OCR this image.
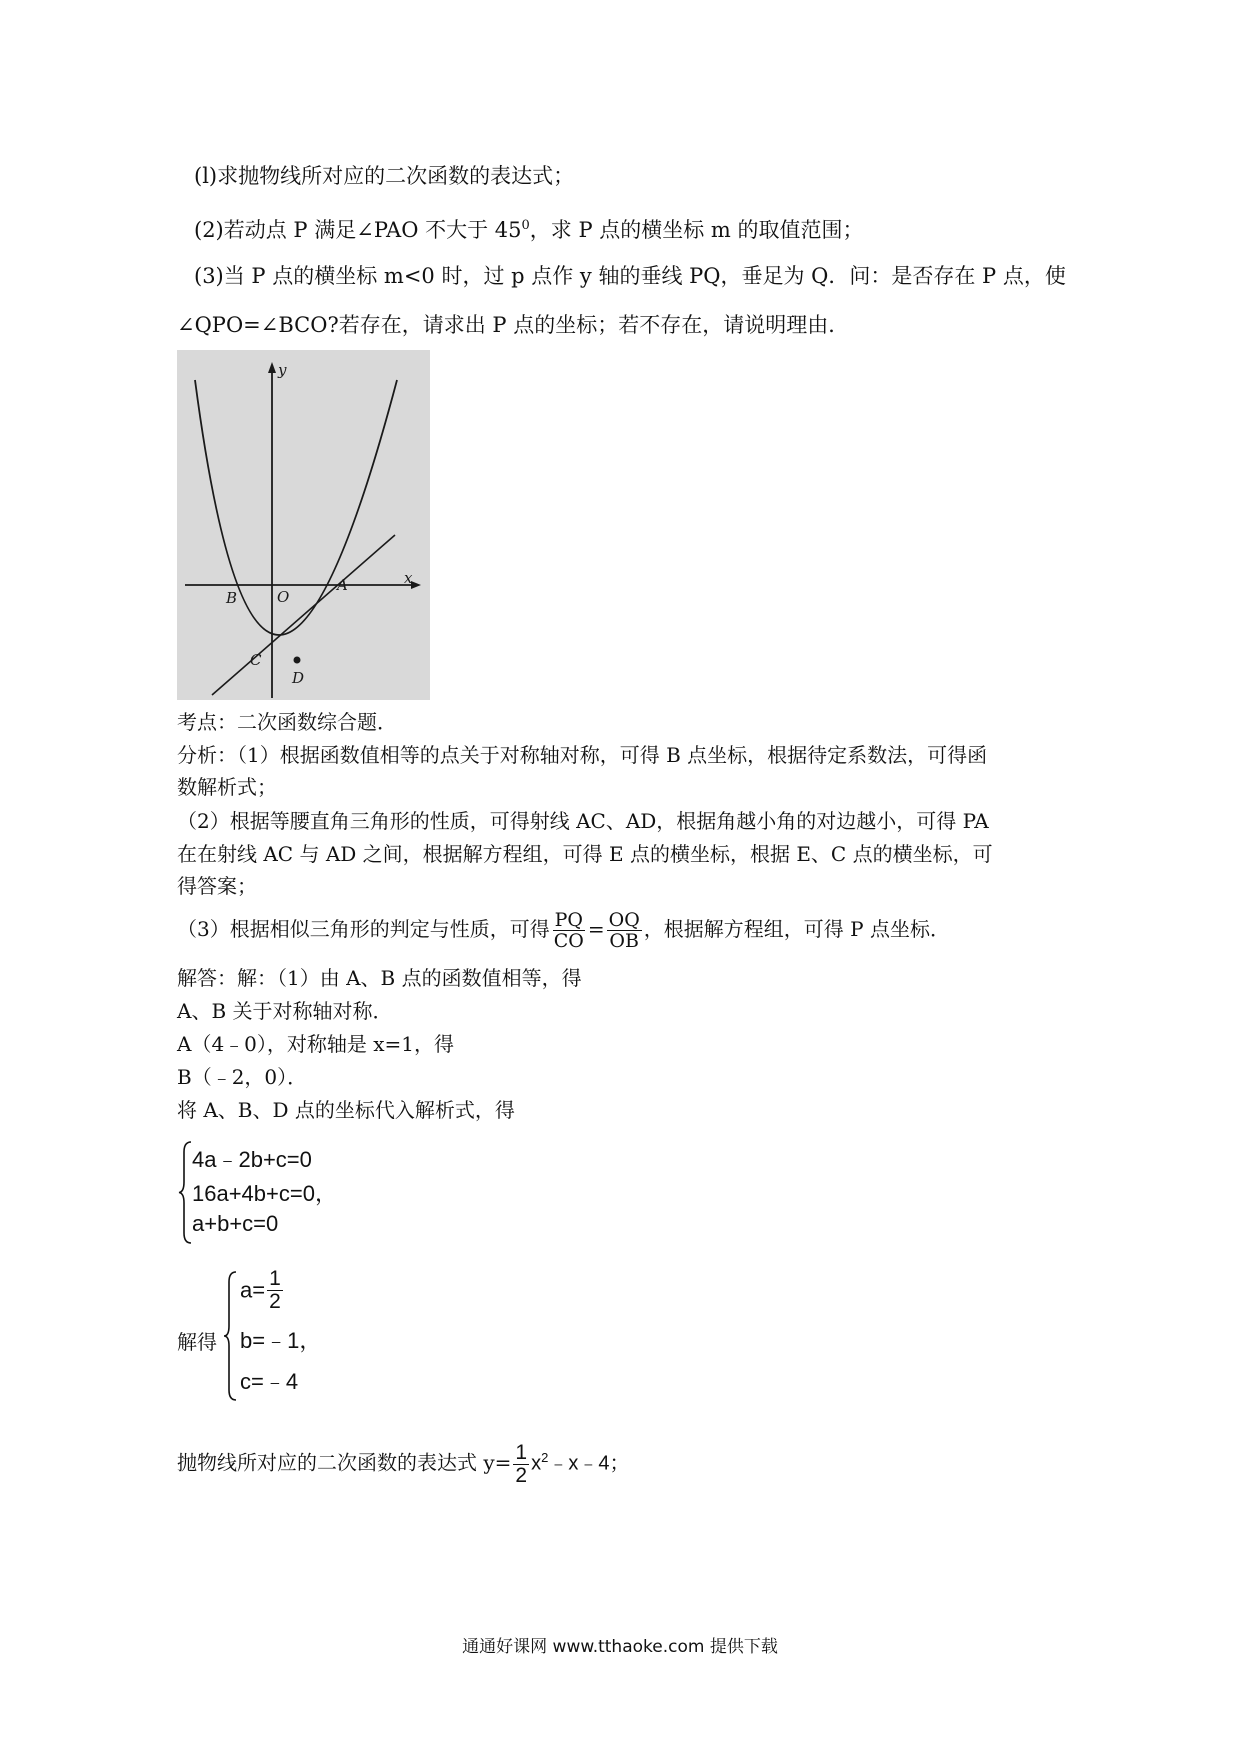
(l)求抛物线所对应的二次函数的表达式；
(2)若动点 P 满足∠PAO 不大于 $45^0$，求 P 点的横坐标 m 的取值范围；
(3)当 P 点的横坐标 m<0 时，过 p 点作 y 轴的垂线 PQ，垂足为 Q．问：是否存在 P 点，使
∠QPO=∠BCO?若存在，请求出 P 点的坐标；若不存在，请说明理由．
y
x
O
A
B
C
D
考点：二次函数综合题．
分析：（1）根据函数值相等的点关于对称轴对称，可得 B 点坐标，根据待定系数法，可得函
数解析式；
（2）根据等腰直角三角形的性质，可得射线 AC、AD，根据角越小角的对边越小，可得 PA
在在射线 AC 与 AD 之间，根据解方程组，可得 E 点的横坐标，根据 E、C 点的横坐标，可
得答案；
（3）根据相似三角形的判定与性质，可得 $\frac{PQ}{CO} = \frac{OQ}{OB}$ ，根据解方程组，可得 P 点坐标．
解答：解：（1）由 A、B 点的函数值相等，得
A、B 关于对称轴对称．
A（4﹣0），对称轴是 x=1，得
B（﹣2，0）．
将 A、B、D 点的坐标代入解析式，得
4a﹣2b+c=0
16a+4b+c=0，
a+b+c=0
解得
$a= \frac{1}{2}$
b=﹣1，
c=﹣4
抛物线所对应的二次函数的表达式 $y= \frac{1}{2}$ $x^2﹣x﹣4$；
通通好课网 www.tthaoke.com 提供下载
